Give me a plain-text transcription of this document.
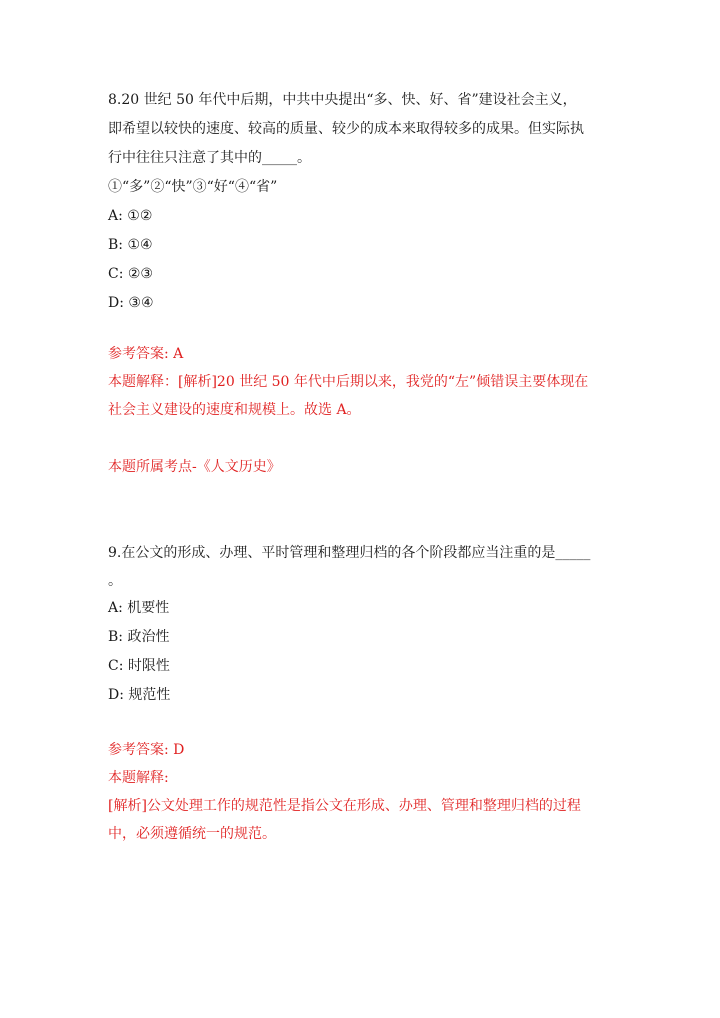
8.20 世纪 50 年代中后期，中共中央提出“多、快、好、省”建设社会主义，
即希望以较快的速度、较高的质量、较少的成本来取得较多的成果。但实际执
行中往往只注意了其中的_____。
①“多”②“快”③“好“④“省”
A: ①②
B: ①④
C: ②③
D: ③④
参考答案: A
本题解释：[解析]20 世纪 50 年代中后期以来，我党的“左”倾错误主要体现在
社会主义建设的速度和规模上。故选 A。
本题所属考点-《人文历史》
9.在公文的形成、办理、平时管理和整理归档的各个阶段都应当注重的是_____
。
A: 机要性
B: 政治性
C: 时限性
D: 规范性
参考答案: D
本题解释:
[解析]公文处理工作的规范性是指公文在形成、办理、管理和整理归档的过程
中，必须遵循统一的规范。
